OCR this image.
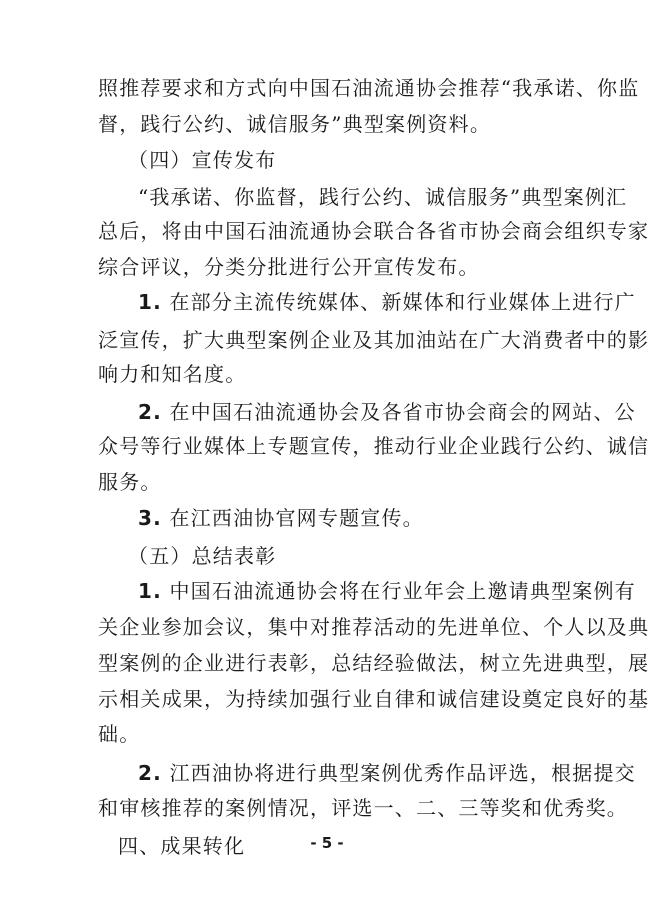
照推荐要求和方式向中国石油流通协会推荐“我承诺、你监
督，践行公约、诚信服务”典型案例资料。
（四）宣传发布
“我承诺、你监督，践行公约、诚信服务”典型案例汇
总后，将由中国石油流通协会联合各省市协会商会组织专家
综合评议，分类分批进行公开宣传发布。
1. 在部分主流传统媒体、新媒体和行业媒体上进行广
泛宣传，扩大典型案例企业及其加油站在广大消费者中的影
响力和知名度。
2. 在中国石油流通协会及各省市协会商会的网站、公
众号等行业媒体上专题宣传，推动行业企业践行公约、诚信
服务。
3. 在江西油协官网专题宣传。
（五）总结表彰
1. 中国石油流通协会将在行业年会上邀请典型案例有
关企业参加会议，集中对推荐活动的先进单位、个人以及典
型案例的企业进行表彰，总结经验做法，树立先进典型，展
示相关成果，为持续加强行业自律和诚信建设奠定良好的基
础。
2. 江西油协将进行典型案例优秀作品评选，根据提交
和审核推荐的案例情况，评选一、二、三等奖和优秀奖。
四、成果转化	- 5 -
